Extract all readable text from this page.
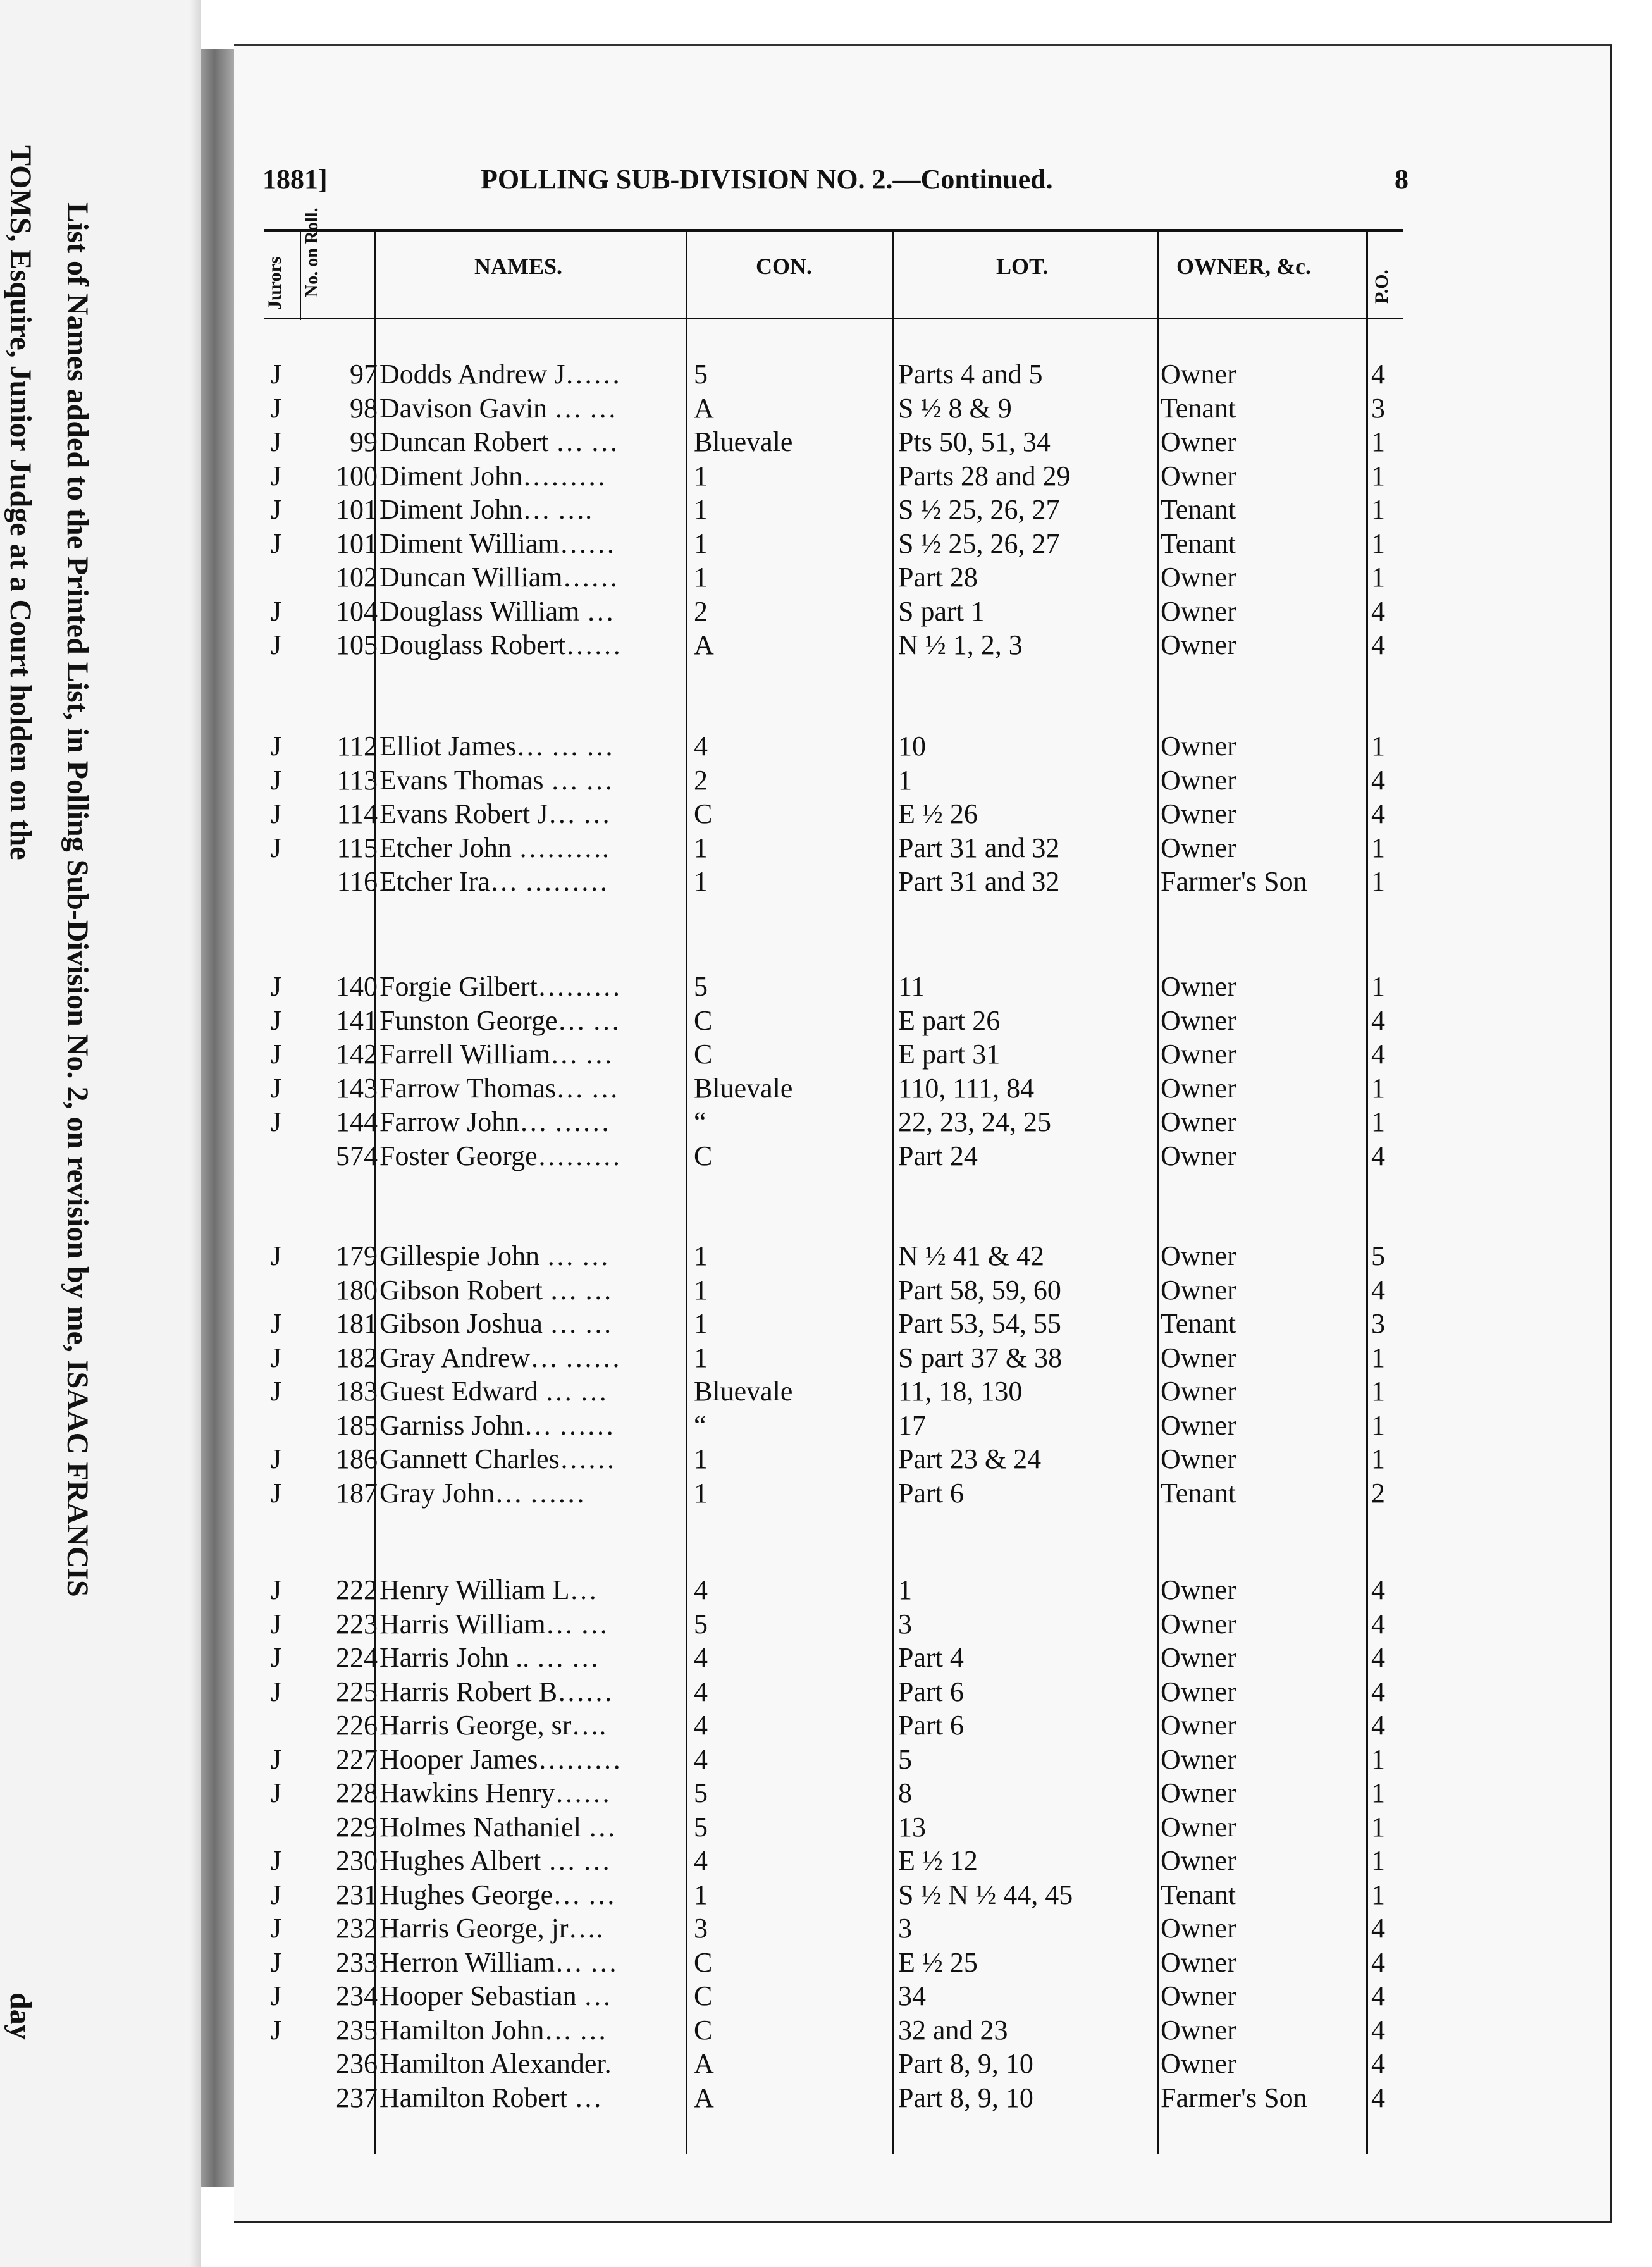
List of Names added to the Printed List, in Polling Sub-Division No. 2, on revision by me, ISAAC FRANCIS
TOMS, Esquire, Junior Judge at a Court holden on the
day
1881]	POLLING SUB-DIVISION NO. 2.—Continued.	8
Jurors No. on Roll.	NAMES.	CON.	LOT.	OWNER, &c.
P.O.
J 97 Dodds Andrew J……	5	Parts 4 and 5	Owner	4
J 98 Davison Gavin … …	A	S ½ 8 & 9	Tenant	3
J 99 Duncan Robert … …	Bluevale	Pts 50, 51, 34	Owner	1
J 100 Diment John………	1	Parts 28 and 29	Owner	1
J 101 Diment John… ….	1	S ½ 25, 26, 27	Tenant	1
J 101 Diment William……	1	S ½ 25, 26, 27	Tenant	1
102 Duncan William……	1	Part 28	Owner	1
J 104 Douglass William …	2	S part 1	Owner	4
J 105 Douglass Robert……	A	N ½ 1, 2, 3	Owner	4
J 112 Elliot James… … …	4	10	Owner	1
J 113 Evans Thomas … …	2	1	Owner	4
J 114 Evans Robert J… …	C	E ½ 26	Owner	4
J 115 Etcher John ……….	1	Part 31 and 32	Owner	1
116 Etcher Ira… ………	1	Part 31 and 32	Farmer's Son 1
J 140 Forgie Gilbert………	5	11	Owner	1
J 141 Funston George… …	C	E part 26	Owner	4
J 142 Farrell William… …	C	E part 31	Owner	4
J 143 Farrow Thomas… …	Bluevale	110, 111, 84	Owner	1
J 144 Farrow John… ……	“	22, 23, 24, 25	Owner	1
574 Foster George………	C	Part 24	Owner	4
J 179 Gillespie John … …	1	N ½ 41 & 42	Owner	5
180 Gibson Robert … …	1	Part 58, 59, 60	Owner	4
J 181 Gibson Joshua … …	1	Part 53, 54, 55	Tenant	3
J 182 Gray Andrew… ……	1	S part 37 & 38	Owner	1
J 183 Guest Edward … …	Bluevale	11, 18, 130	Owner	1
185 Garniss John… ……	“	17	Owner	1
J 186 Gannett Charles……	1	Part 23 & 24	Owner	1
J 187 Gray John… ……	1	Part 6	Tenant	2
J 222 Henry William L…	4	1	Owner	4
J 223 Harris William… …	5	3	Owner	4
J 224 Harris John .. … …	4	Part 4	Owner	4
J 225 Harris Robert B……	4	Part 6	Owner	4
226 Harris George, sr….	4	Part 6	Owner	4
J 227 Hooper James………	4	5	Owner	1
J 228 Hawkins Henry……	5	8	Owner	1
229 Holmes Nathaniel …	5	13	Owner	1
J 230 Hughes Albert … …	4	E ½ 12	Owner	1
J 231 Hughes George… …	1	S ½ N ½ 44, 45	Tenant	1
J 232 Harris George, jr….	3	3	Owner	4
J 233 Herron William… …	C	E ½ 25	Owner	4
J 234 Hooper Sebastian …	C	34	Owner	4
J 235 Hamilton John… …	C	32 and 23	Owner	4
236 Hamilton Alexander.	A	Part 8, 9, 10	Owner	4
237 Hamilton Robert …	A	Part 8, 9, 10	Farmer's Son 4
